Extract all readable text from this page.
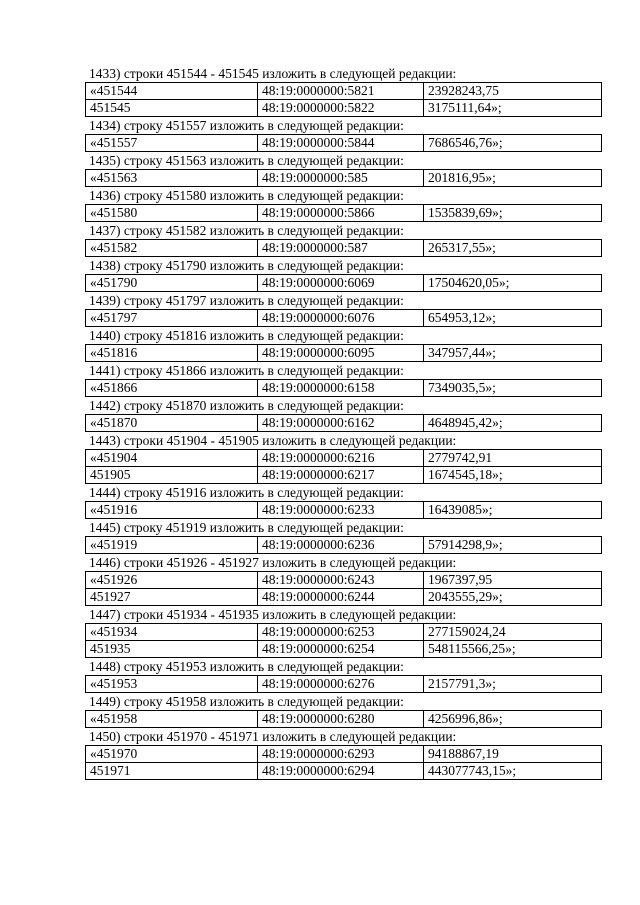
1433) строки 451544 - 451545 изложить в следующей редакции:
«451544	48:19:0000000:5821	23928243,75
451545	48:19:0000000:5822	3175111,64»;
1434) строку 451557 изложить в следующей редакции:
«451557	48:19:0000000:5844	7686546,76»;
1435) строку 451563 изложить в следующей редакции:
«451563	48:19:0000000:585	201816,95»;
1436) строку 451580 изложить в следующей редакции:
«451580	48:19:0000000:5866	1535839,69»;
1437) строку 451582 изложить в следующей редакции:
«451582	48:19:0000000:587	265317,55»;
1438) строку 451790 изложить в следующей редакции:
«451790	48:19:0000000:6069	17504620,05»;
1439) строку 451797 изложить в следующей редакции:
«451797	48:19:0000000:6076	654953,12»;
1440) строку 451816 изложить в следующей редакции:
«451816	48:19:0000000:6095	347957,44»;
1441) строку 451866 изложить в следующей редакции:
«451866	48:19:0000000:6158	7349035,5»;
1442) строку 451870 изложить в следующей редакции:
«451870	48:19:0000000:6162	4648945,42»;
1443) строки 451904 - 451905 изложить в следующей редакции:
«451904	48:19:0000000:6216	2779742,91
451905	48:19:0000000:6217	1674545,18»;
1444) строку 451916 изложить в следующей редакции:
«451916	48:19:0000000:6233	16439085»;
1445) строку 451919 изложить в следующей редакции:
«451919	48:19:0000000:6236	57914298,9»;
1446) строки 451926 - 451927 изложить в следующей редакции:
«451926	48:19:0000000:6243	1967397,95
451927	48:19:0000000:6244	2043555,29»;
1447) строки 451934 - 451935 изложить в следующей редакции:
«451934	48:19:0000000:6253	277159024,24
451935	48:19:0000000:6254	548115566,25»;
1448) строку 451953 изложить в следующей редакции:
«451953	48:19:0000000:6276	2157791,3»;
1449) строку 451958 изложить в следующей редакции:
«451958	48:19:0000000:6280	4256996,86»;
1450) строки 451970 - 451971 изложить в следующей редакции:
«451970	48:19:0000000:6293	94188867,19
451971	48:19:0000000:6294	443077743,15»;
